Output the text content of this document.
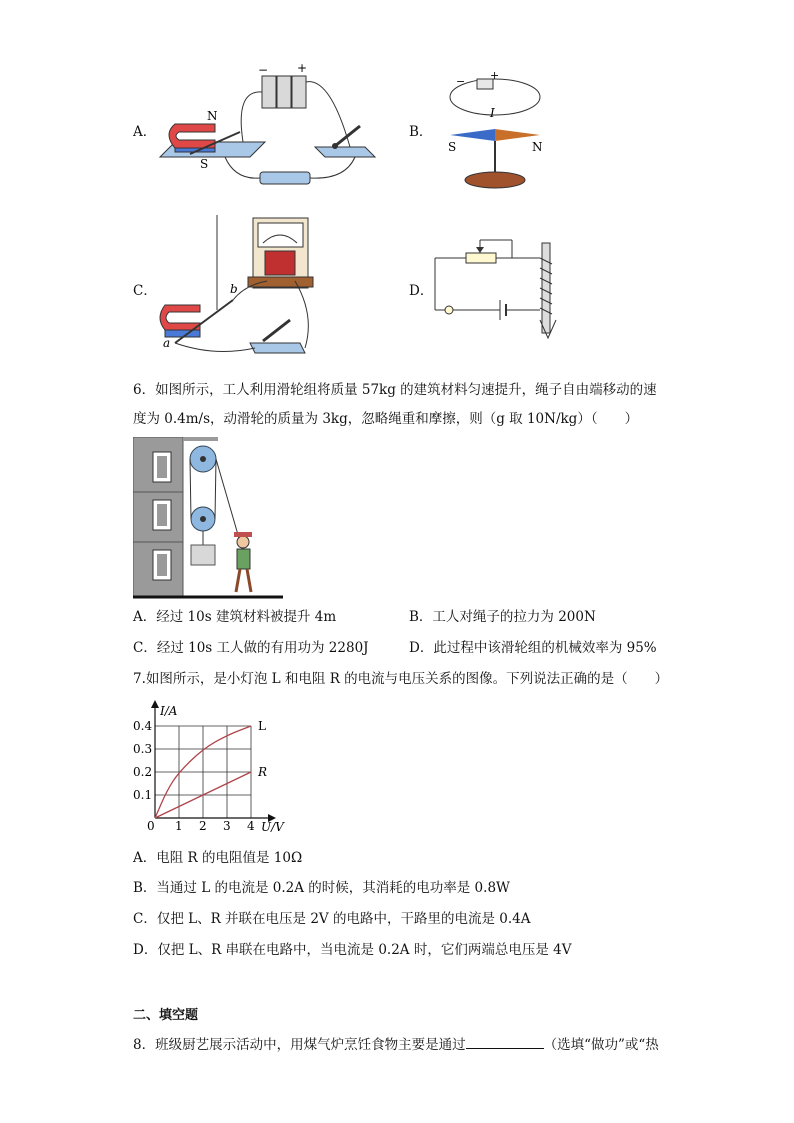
A．
− +
N
S
B．
− +
I
S	N
C．	b
a
D．
6．如图所示，工人利用滑轮组将质量 57kg 的建筑材料匀速提升，绳子自由端移动的速
度为 0.4m/s，动滑轮的质量为 3kg，忽略绳重和摩擦，则（g 取 10N/kg）（　　）
A．经过 10s 建筑材料被提升 4m	B．工人对绳子的拉力为 200N
C．经过 10s 工人做的有用功为 2280J	D．此过程中该滑轮组的机械效率为 95%
7.如图所示，是小灯泡 L 和电阻 R 的电流与电压关系的图像。下列说法正确的是（　　）
I/A
U/V
0 1 2 3 4
0.1
0.2
0.3
0.4	L
R
A．电阻 R 的电阻值是 10Ω
B．当通过 L 的电流是 0.2A 的时候，其消耗的电功率是 0.8W
C．仅把 L、R 并联在电压是 2V 的电路中，干路里的电流是 0.4A
D．仅把 L、R 串联在电路中，当电流是 0.2A 时，它们两端总电压是 4V
二、填空题
8．班级厨艺展示活动中，用煤气炉烹饪食物主要是通过	（选填“做功”或“热
